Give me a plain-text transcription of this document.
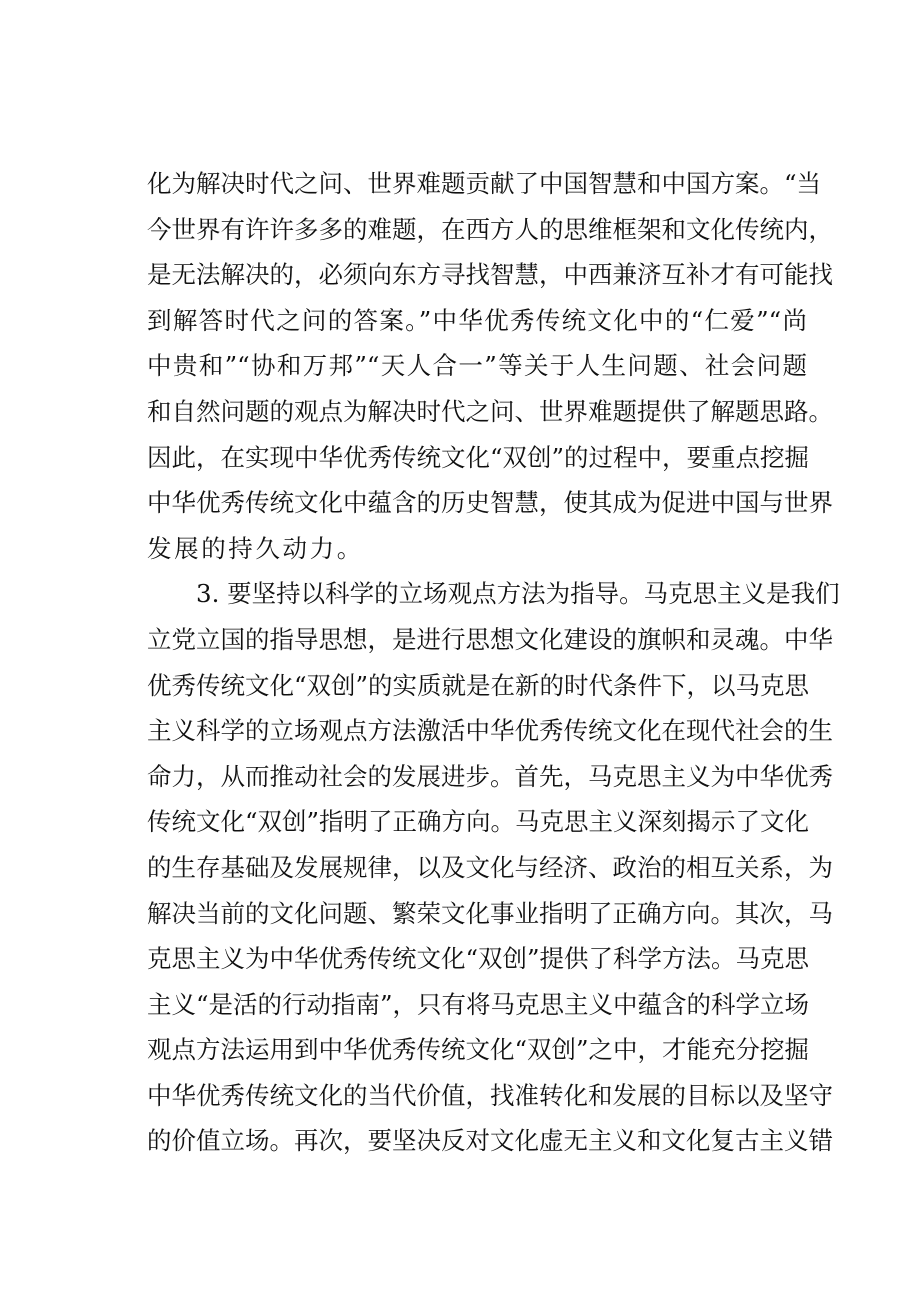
化为解决时代之问、世界难题贡献了中国智慧和中国方案。“当

今世界有许许多多的难题，在西方人的思维框架和文化传统内，

是无法解决的，必须向东方寻找智慧，中西兼济互补才有可能找

到解答时代之问的答案。”中华优秀传统文化中的“仁爱”“尚

中贵和”“协和万邦”“天人合一”等关于人生问题、社会问题

和自然问题的观点为解决时代之问、世界难题提供了解题思路。

因此，在实现中华优秀传统文化“双创”的过程中，要重点挖掘

中华优秀传统文化中蕴含的历史智慧，使其成为促进中国与世界

发展的持久动力。

3. 要坚持以科学的立场观点方法为指导。马克思主义是我们

立党立国的指导思想，是进行思想文化建设的旗帜和灵魂。中华

优秀传统文化“双创”的实质就是在新的时代条件下，以马克思

主义科学的立场观点方法激活中华优秀传统文化在现代社会的生

命力，从而推动社会的发展进步。首先，马克思主义为中华优秀

传统文化“双创”指明了正确方向。马克思主义深刻揭示了文化

的生存基础及发展规律，以及文化与经济、政治的相互关系，为

解决当前的文化问题、繁荣文化事业指明了正确方向。其次，马

克思主义为中华优秀传统文化“双创”提供了科学方法。马克思

主义“是活的行动指南”，只有将马克思主义中蕴含的科学立场

观点方法运用到中华优秀传统文化“双创”之中，才能充分挖掘

中华优秀传统文化的当代价值，找准转化和发展的目标以及坚守

的价值立场。再次，要坚决反对文化虚无主义和文化复古主义错
